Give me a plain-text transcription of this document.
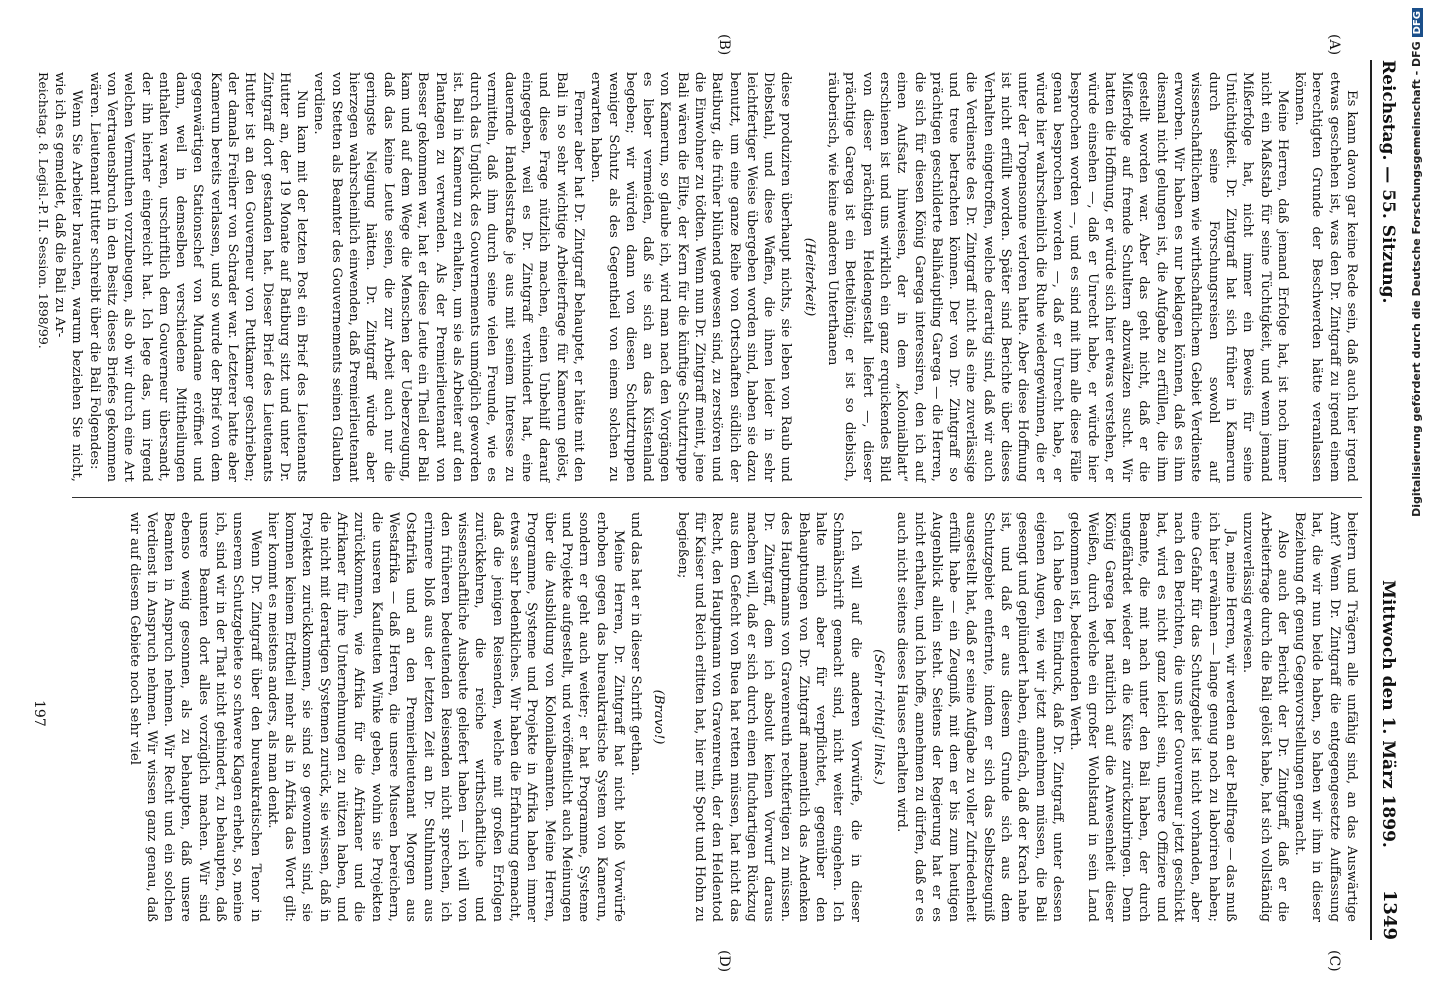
Reichstag. — 55. Sitzung.
Mittwoch den 1. März 1899.
1349
(A)
(B)
(C)
(D)

Es kann davon gar keine Rede sein, daß auch hier irgend etwas geschehen ist, was den Dr. Zintgraff zu irgend einem berechtigten Grunde der Beschwerden hätte veranlassen können.

Meine Herren, daß jemand Erfolge hat, ist noch immer nicht ein Maßstab für seine Tüchtigkeit, und wenn jemand Mißerfolge hat, nicht immer ein Beweis für seine Untüchtigkeit. Dr. Zintgraff hat sich früher in Kamerun durch seine Forschungsreisen sowohl auf wissenschaftlichem wie wirthschaftlichem Gebiet Verdienste erworben. Wir haben es nur beklagen können, daß es ihm diesmal nicht gelungen ist, die Aufgabe zu erfüllen, die ihm gestellt worden war. Aber das geht nicht, daß er die Mißerfolge auf fremde Schultern abzuwälzen sucht. Wir hatten die Hoffnung, er würde sich hier etwas verstehen, er würde einsehen —, daß er Unrecht habe, er würde hier besprochen worden —, und es sind mit ihm alle diese Fälle genau besprochen worden —, daß er Unrecht habe, er würde hier wahrscheinlich die Ruhe wiedergewinnen, die er unter der Tropensonne verloren hatte. Aber diese Hoffnung ist nicht erfüllt worden. Später sind Berichte über dieses Verhalten eingetroffen, welche derartig sind, daß wir auch die Verdienste des Dr. Zintgraff nicht als eine zuverlässige und treue betrachten können. Der von Dr. Zintgraff so prächtigen geschilderte Baliháuptling Garega — die Herren, die sich für diesen König Garega interessiren, den ich auf einen Aufsatz hinweisen, der in dem „Kolonialblatt“ erschienen ist und uns wirklich ein ganz erquickendes Bild von dieser prächtigen Heldengestalt liefert —, dieser prächtige Garega ist ein Betteltönig; er ist so diebisch, räuberisch, wie keine anderen Unterthanen

(Heiterkeit)

diese produziren überhaupt nichts, sie leben von Raub und Diebstahl, und diese Waffen, die ihnen leider in sehr leichtfertiger Weise übergeben worden sind, haben sie dazu benutzt, um eine ganze Reihe von Ortschaften südlich der Batiburg, die früher blühend gewesen sind, zu zerstören und die Einwohner zu tödten. Wenn nun Dr. Zintgraff meint, jene Bali wären die Elite, der Kern für die künftige Schutztruppe von Kamerun, so glaube ich, wird man nach den Vorgängen es lieber vermeiden, daß sie sich an das Küstenland begeben; wir würden dann von diesen Schutztruppen weniger Schutz als des Gegentheil von einem solchen zu erwarten haben.

Ferner aber hat Dr. Zintgraff behauptet, er hätte mit den Bali in so sehr wichtige Arbeiterfrage für Kamerun gelöst, und diese Frage nützlich machen, einen Unbehilf darauf eingegeben, weil es Dr. Zintgraff verhindert hat, eine dauernde Handelsstraße je aus mit seinem Interesse zu vermitteln, daß ihm durch seine vielen Freunde, wie es durch das Unglück des Gouvernements unmöglich geworden ist. Bali in Kamerun zu erhalten, um sie als Arbeiter auf den Plantagen zu verwenden. Als der Premierlieutenant von Besser gekommen war, hat er diese Leute ein Theil der Bali kam und auf dem Wege die Menschen der Ueberzeugung, daß das keine Leute seien, die zur Arbeit auch nur die geringste Neigung hätten. Dr. Zintgraff würde aber hierzegen wahrscheinlich einwenden, daß Premierlieutenant von Stetten als Beamter des Gouvernements seinen Glauben verdiene.

Nun kam mit der letzten Post ein Brief des Lieutenants Hutter an, der 19 Monate auf Batiburg sitzt und unter Dr. Zintgraff dort gestanden hat. Dieser Brief des Lieutenants Hutter ist an den Gouverneur von Puttkamer geschrieben; der damals Freiherr von Schrader war. Letzterer hatte aber Kamerun bereits verlassen, und so wurde der Brief von dem gegenwärtigen Stationschef von Mundame eröffnet und dann, weil in demselben verschiedene Mittheilungen enthalten waren, urschriftlich dem Gouverneur übersandt, der ihn hierher eingereicht hat. Ich lege das, um irgend welchen Vermuthen vorzubeugen, als ob wir durch eine Art von Vertrauensbruch in den Besitz dieses Briefes gekommen wären. Lieutenant Hutter schreibt über die Bali Folgendes:

Wenn Sie Arbeiter brauchen, warum beziehen Sie nicht, wie ich es gemeldet, daß die Bali zu Ar-

Reichstag. 8. Legisl.-P. II. Session. 1898/99.

beitern und Trägern alle unfähig sind, an das Auswärtige Amt? Wenn Dr. Zintgraff die entgegengesetzte Auffassung hat, die wir nun beide haben, so haben wir ihm in dieser Beziehung oft genug Gegenvorstellungen gemacht.

Also auch der Bericht der Dr. Zintgraff, daß er die Arbeiterfrage durch die Bali gelöst habe, hat sich vollständig unzuverlässig erwiesen.

Ja, meine Herren, wir werden an der Bellfrage — das muß ich hier erwähnen — lange genug noch zu laboriren haben; eine Gefahr für das Schutzgebiet ist nicht vorhanden, aber nach den Berichten, die uns der Gouverneur jetzt geschickt hat, wird es nicht ganz leicht sein, unsere Offiziere und Beamte, die mit nach unter den Bali haben, der durch ungefährdet wieder an die Küste zurückzubringen. Denn König Garega legt natürlich auf die Anwesenheit dieser Weißen, durch welche ein großer Wohlstand in sein Land gekommen ist, bedeutenden Werth.

Ich habe den Eindruck, daß Dr. Zintgraff, unter dessen eigenen Augen, wie wir jetzt annehmen müssen, die Bali gesengt und geplündert haben, einfach, daß der Krach nahe ist, und daß er aus diesem Grunde sich aus dem Schutzgebiet entfernte, indem er sich das Selbstzeugniß ausgestellt hat, daß er seine Aufgabe zu voller Zufriedenheit erfüllt habe — ein Zeugniß, mit dem er bis zum heutigen Augenblick allein steht. Seitens der Regierung hat er es nicht erhalten, und ich hoffe, annehmen zu dürfen, daß er es auch nicht seitens dieses Hauses erhalten wird.

(Sehr richtig! links.)

Ich will auf die anderen Vorwürfe, die in dieser Schmähschrift gemacht sind, nicht weiter eingehen. Ich halte mich aber für verpflichtet, gegenüber den Behauptungen von Dr. Zintgraff namentlich das Andenken des Hauptmanns von Gravenreuth rechtfertigen zu müssen. Dr. Zintgraff, dem ich absolut keinen Vorwurf daraus machen will, daß er sich durch einen fluchtartigen Rückzug aus dem Gefecht von Buea hat retten müssen, hat nicht das Recht, den Hauptmann von Gravenreuth, der den Heldentod für Kaiser und Reich erlitten hat, hier mit Spott und Hohn zu begießen;

(Bravo!)

und das hat er in dieser Schrift gethan.

Meine Herren, Dr. Zintgraff hat nicht bloß Vorwürfe erhoben gegen das bureaukratische System von Kamerun, sondern er geht auch weiter; er hat Programme, Systeme und Projekte aufgestellt, und veröffentlicht auch Meinungen über die Ausbildung von Kolonialbeamten. Meine Herren, Programme, Systeme und Projekte in Afrika haben immer etwas sehr bedenkliches. Wir haben die Erfahrung gemacht, daß die jenigen Reisenden, welche mit großen Erfolgen zurückkehren, die reiche wirthschaftliche und wissenschaftliche Ausbeute geliefert haben — ich will von den früheren bedeutenden Reisenden nicht sprechen, ich erinnere bloß aus der letzten Zeit an Dr. Stuhlmann aus Ostafrika und an den Premierlieutenant Morgen aus Westafrika — daß Herren, die unsere Museen bereichern, die unseren Kaufleuten Winke geben, wohin sie Projekten zurückkommen, wie Afrika für die Afrikaner und die Afrikaner für ihre Unternehmungen zu nützen haben, und die nicht mit derartigen Systemen zurück, sie wissen, daß in Projekten zurückkommen, sie sind so gewonnen sind, sie kommen keinem Erdtheil mehr als in Afrika das Wort gilt: hier kommt es meistens anders, als man denkt.

Wenn Dr. Zintgraff über den bureaukratischen Tenor in unserem Schutzgebiete so schwere Klagen erhebt, so, meine ich, sind wir in der That nicht gehindert, zu behaupten, daß unsere Beamten dort alles vorzüglich machen. Wir sind ebenso wenig gesonnen, als zu behaupten, daß unsere Beamten in Anspruch nehmen. Wir Recht und ein solchen Verdienst in Anspruch nehmen. Wir wissen ganz genau, daß wir auf diesem Gebiete noch sehr viel

197
Digitalisierung gefördert durch die Deutsche Forschungsgemeinschaft - DFGDFG
